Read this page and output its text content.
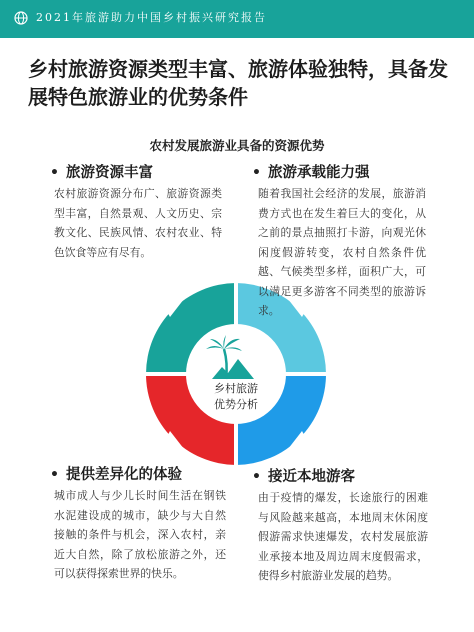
2021年旅游助力中国乡村振兴研究报告
乡村旅游资源类型丰富、旅游体验独特，具备发
展特色旅游业的优势条件
农村发展旅游业具备的资源优势
乡村旅游
优势分析
• 旅游资源丰富
农村旅游资源分布广、旅游资源类型丰富，自然景观、人文历史、宗教文化、民族风情、农村农业、特色饮食等应有尽有。
• 旅游承载能力强
随着我国社会经济的发展，旅游消费方式也在发生着巨大的变化，从之前的景点抽照打卡游，向观光休闲度假游转变，农村自然条件优越、气候类型多样，面积广大，可以满足更多游客不同类型的旅游诉求。
• 提供差异化的体验
城市成人与少儿长时间生活在钢铁水泥建设成的城市，缺少与大自然接触的条件与机会，深入农村，亲近大自然，除了放松旅游之外，还可以获得探索世界的快乐。
• 接近本地游客
由于疫情的爆发，长途旅行的困难与风险越来越高，本地周末休闲度假游需求快速爆发，农村发展旅游业承接本地及周边周末度假需求，使得乡村旅游业发展的趋势。
